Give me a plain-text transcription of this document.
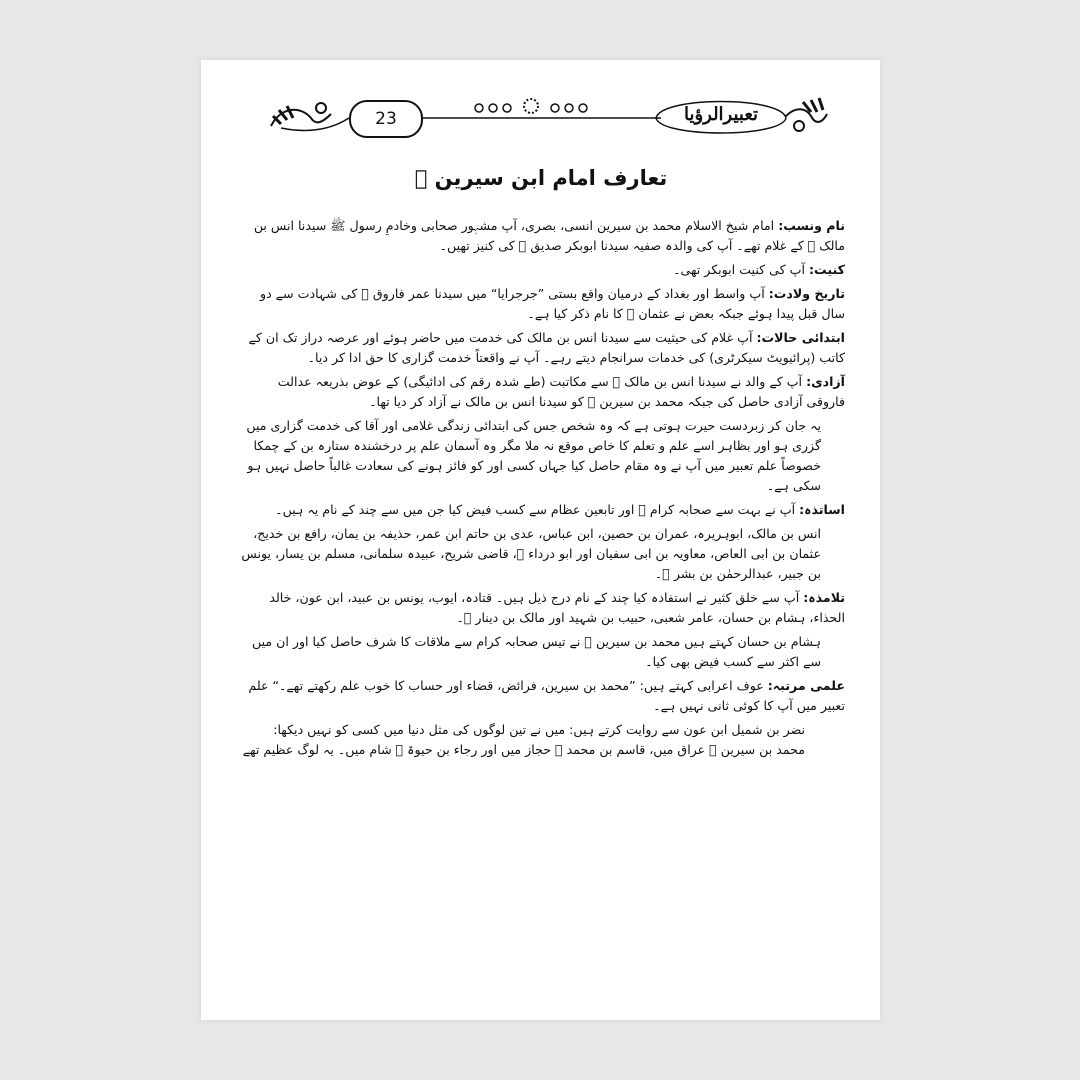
23	تعبیرالرؤیا
تعارف امام ابن سیرین ﷫

نام ونسب: امام شیخ الاسلام محمد بن سیرین انسی، بصری، آپ مشہور صحابی وخادمِ رسول ﷺ سیدنا انس بن مالک ﷜ کے غلام تھے۔ آپ کی والدہ صفیہ سیدنا ابوبکر صدیق ﷜ کی کنیز تھیں۔

کنیت: آپ کی کنیت ابوبکر تھی۔

تاریخ ولادت: آپ واسط اور بغداد کے درمیان واقع بستی ”جرجرایا“ میں سیدنا عمر فاروق ﷜ کی شہادت سے دو سال قبل پیدا ہوئے جبکہ بعض نے عثمان ﷜ کا نام ذکر کیا ہے۔

ابتدائی حالات: آپ غلام کی حیثیت سے سیدنا انس بن مالک کی خدمت میں حاضر ہوئے اور عرصہ دراز تک ان کے کاتب (پرائیویٹ سیکرٹری) کی خدمات سرانجام دیتے رہے۔ آپ نے واقعتاً خدمت گزاری کا حق ادا کر دیا۔

آزادی: آپ کے والد نے سیدنا انس بن مالک ﷜ سے مکاتبت (طے شدہ رقم کی ادائیگی) کے عوض بذریعہ عدالت فاروقی آزادی حاصل کی جبکہ محمد بن سیرین ﷫ کو سیدنا انس بن مالک نے آزاد کر دیا تھا۔

یہ جان کر زبردست حیرت ہوتی ہے کہ وہ شخص جس کی ابتدائی زندگی غلامی اور آقا کی خدمت گزاری میں گزری ہو اور بظاہر اسے علم و تعلم کا خاص موقع نہ ملا مگر وہ آسمان علم پر درخشندہ ستارہ بن کے چمکا خصوصاً علم تعبیر میں آپ نے وہ مقام حاصل کیا جہاں کسی اور کو فائز ہونے کی سعادت غالباً حاصل نہیں ہو سکی ہے۔

اساتذہ: آپ نے بہت سے صحابہ کرام ﷢ اور تابعین عظام سے کسب فیض کیا جن میں سے چند کے نام یہ ہیں۔

انس بن مالک، ابوہریرہ، عمران بن حصین، ابن عباس، عدی بن حاتم ابن عمر، حذیفہ بن یمان، رافع بن خدیج، عثمان بن ابی العاص، معاویہ بن ابی سفیان اور ابو درداء ﷢، قاضی شریح، عبیدہ سلمانی، مسلم بن یسار، یونس بن جبیر، عبدالرحمٰن بن بشر ﷭۔

تلامذہ: آپ سے خلق کثیر نے استفادہ کیا چند کے نام درج ذیل ہیں۔ قتادہ، ایوب، یونس بن عبید، ابن عون، خالد الحذاء، ہشام بن حسان، عامر شعبی، حبیب بن شہید اور مالک بن دینار ﷭۔

ہشام بن حسان کہتے ہیں محمد بن سیرین ﷫ نے تیس صحابہ کرام سے ملاقات کا شرف حاصل کیا اور ان میں سے اکثر سے کسب فیض بھی کیا۔

علمی مرتبہ: عوف اعرابی کہتے ہیں: ”محمد بن سیرین، فرائض، قضاء اور حساب کا خوب علم رکھتے تھے۔“ علم تعبیر میں آپ کا کوئی ثانی نہیں ہے۔

نضر بن شمیل ابن عون سے روایت کرتے ہیں: میں نے تین لوگوں کی مثل دنیا میں کسی کو نہیں دیکھا: محمد بن سیرین ﷫ عراق میں، قاسم بن محمد ﷫ حجاز میں اور رجاء بن حیوۃ ﷫ شام میں۔ یہ لوگ عظیم تھے
